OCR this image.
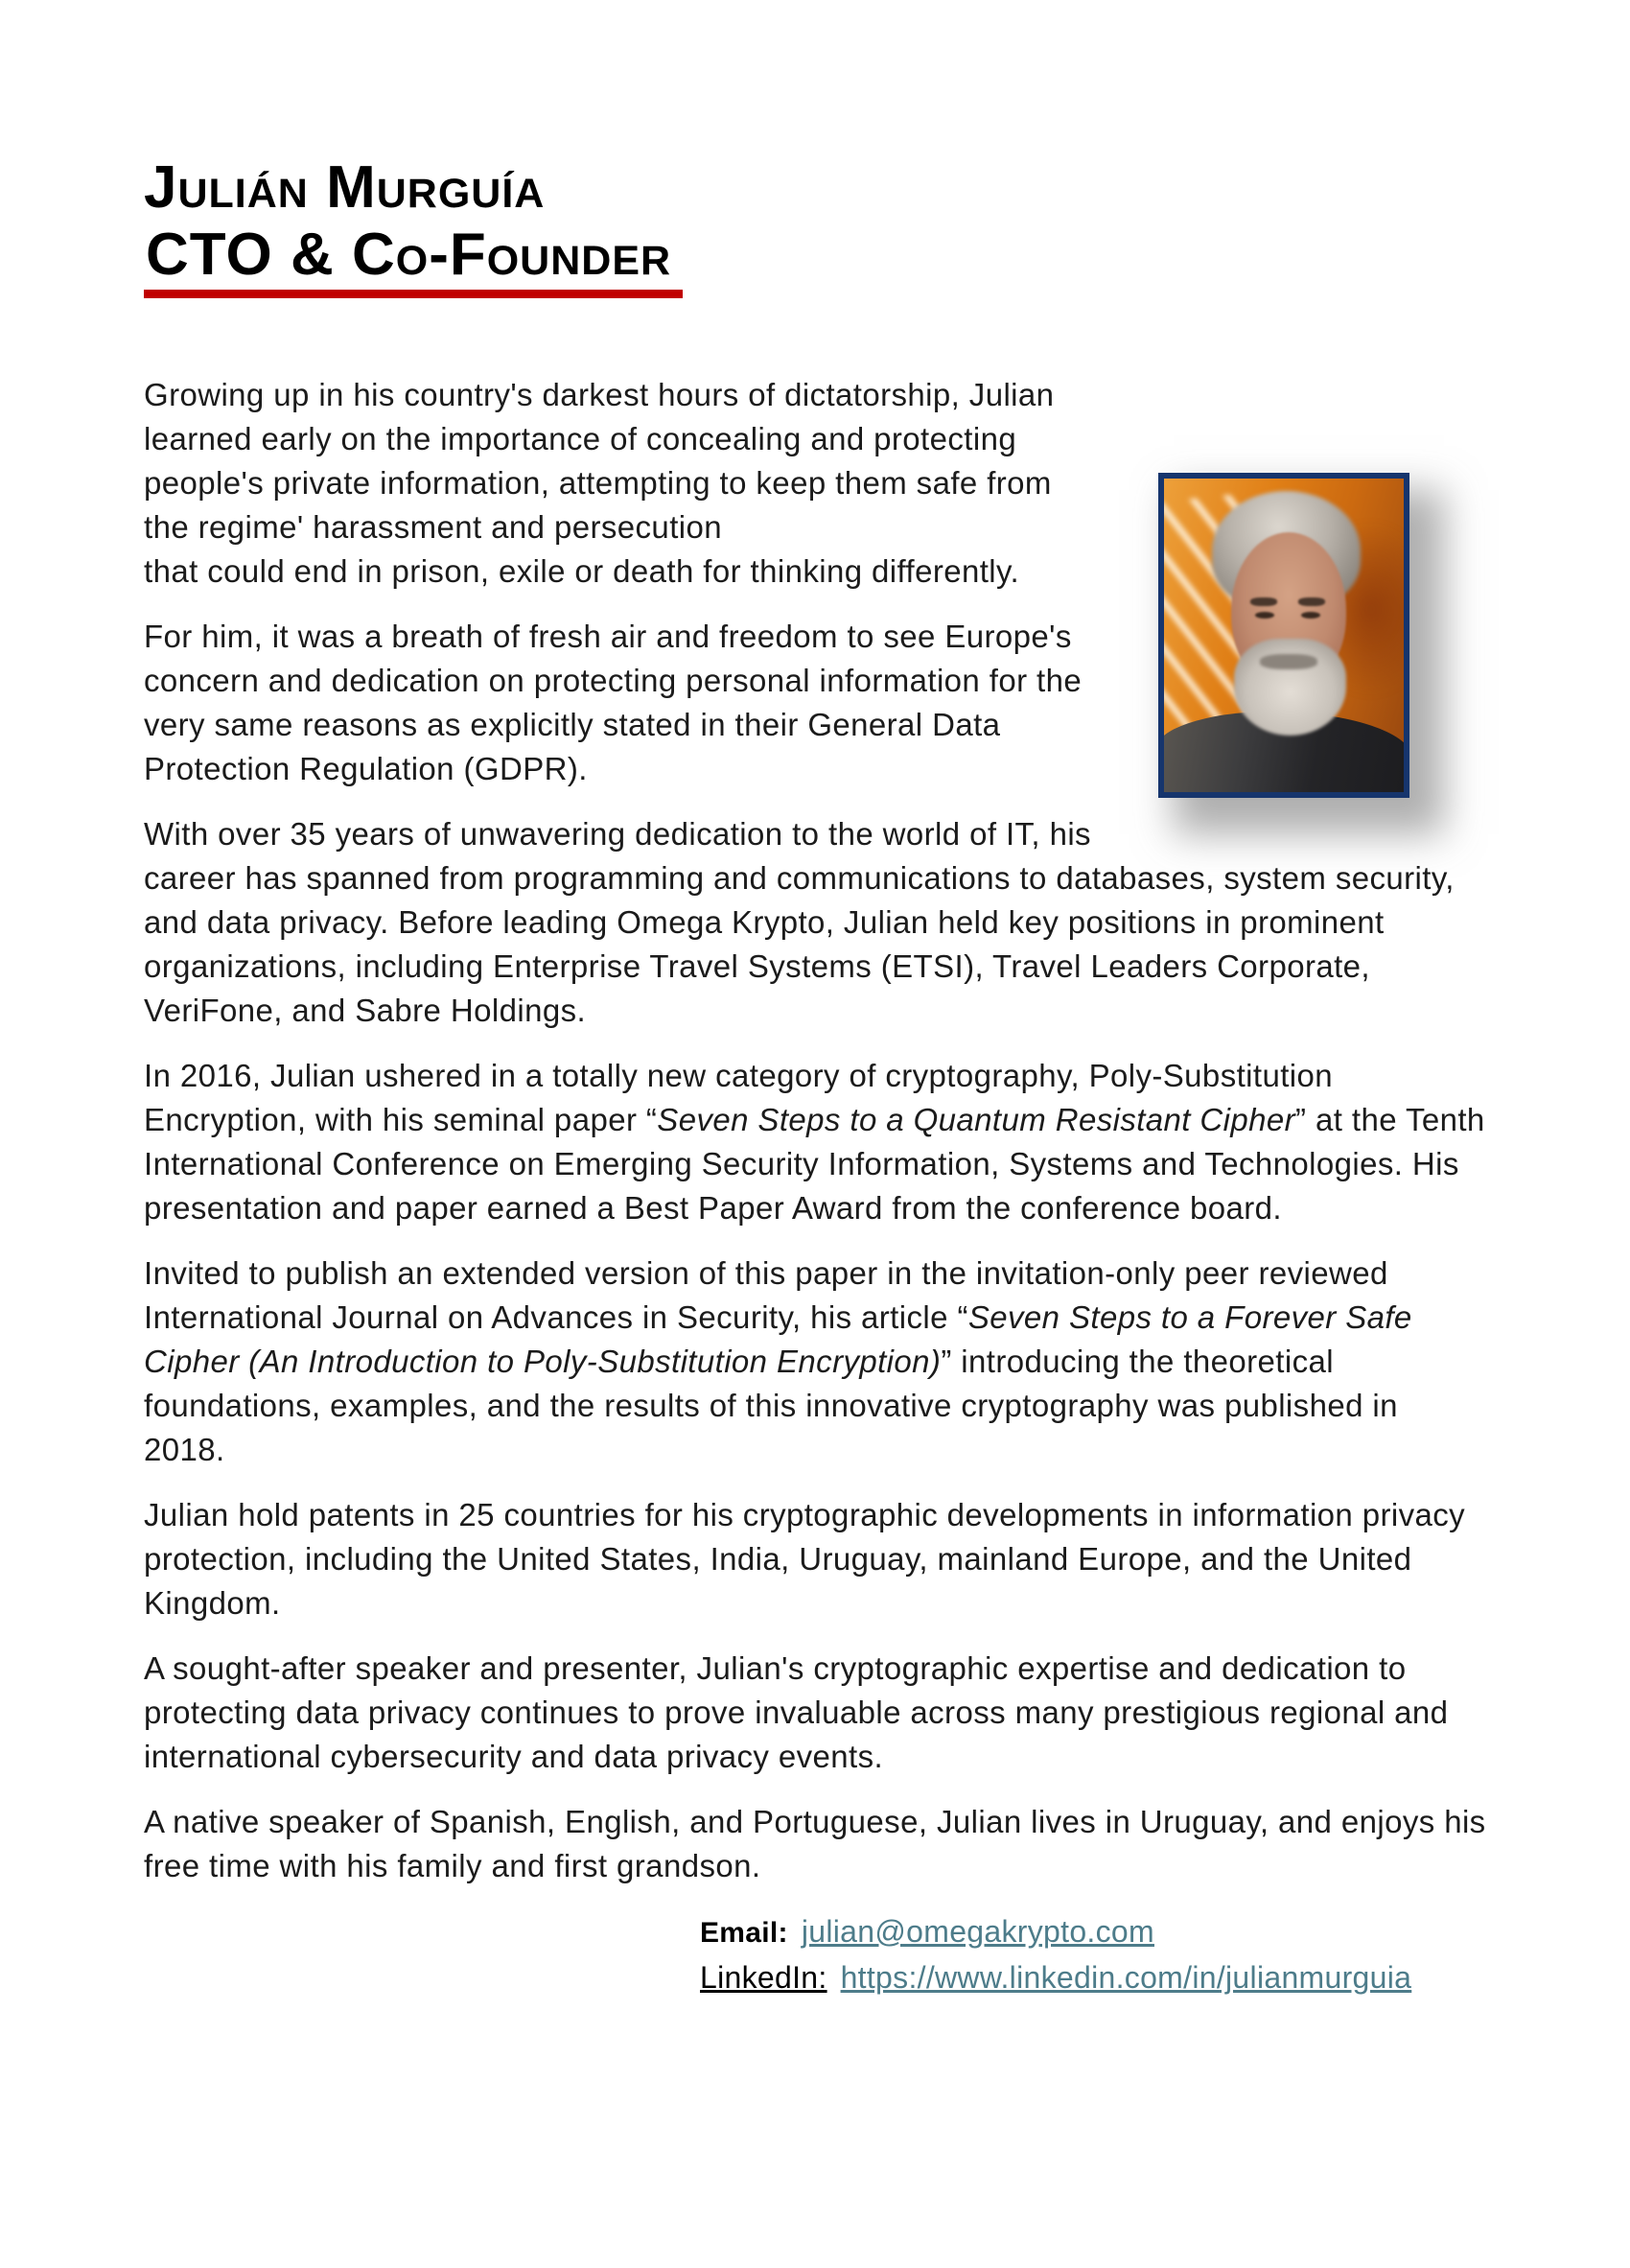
Julián Murguía
CTO & Co-Founder

Growing up in his country's darkest hours of dictatorship, Julian learned early on the importance of concealing and protecting people's private information, attempting to keep them safe from the regime' harassment and persecution
that could end in prison, exile or death for thinking differently.

For him, it was a breath of fresh air and freedom to see Europe's concern and dedication on protecting personal information for the very same reasons as explicitly stated in their General Data Protection Regulation (GDPR).

With over 35 years of unwavering dedication to the world of IT, his career has spanned from programming and communications to databases, system security, and data privacy. Before leading Omega Krypto, Julian held key positions in prominent organizations, including Enterprise Travel Systems (ETSI), Travel Leaders Corporate, VeriFone, and Sabre Holdings.

In 2016, Julian ushered in a totally new category of cryptography, Poly-Substitution Encryption, with his seminal paper “Seven Steps to a Quantum Resistant Cipher” at the Tenth International Conference on Emerging Security Information, Systems and Technologies. His presentation and paper earned a Best Paper Award from the conference board.

Invited to publish an extended version of this paper in the invitation-only peer reviewed International Journal on Advances in Security, his article “Seven Steps to a Forever Safe Cipher (An Introduction to Poly-Substitution Encryption)” introducing the theoretical foundations, examples, and the results of this innovative cryptography was published in 2018.

Julian hold patents in 25 countries for his cryptographic developments in information privacy protection, including the United States, India, Uruguay, mainland Europe, and the United Kingdom.

A sought-after speaker and presenter, Julian's cryptographic expertise and dedication to protecting data privacy continues to prove invaluable across many prestigious regional and international cybersecurity and data privacy events.

A native speaker of Spanish, English, and Portuguese, Julian lives in Uruguay, and enjoys his free time with his family and first grandson.

Email: julian@omegakrypto.com
LinkedIn: https://www.linkedin.com/in/julianmurguia
